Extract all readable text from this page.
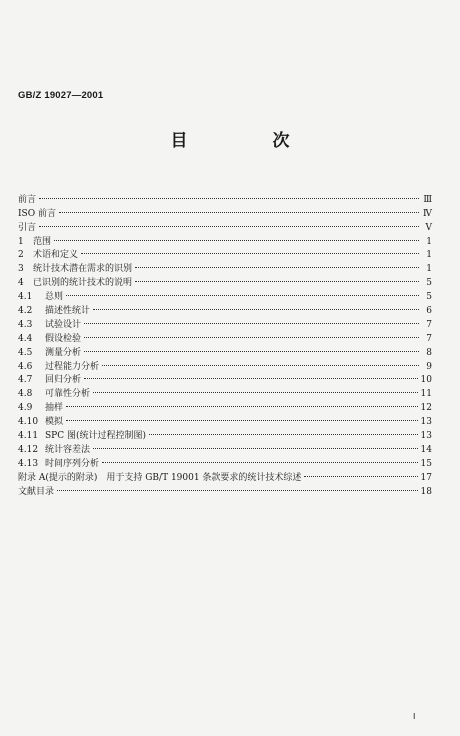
GB/Z 19027—2001
目　次
前言	Ⅲ
ISO 前言	Ⅳ
引言	Ⅴ
1	范围	1
2	术语和定义	1
3	统计技术潜在需求的识别	1
4	已识别的统计技术的说明	5
4.1	总则	5
4.2	描述性统计	6
4.3	试验设计	7
4.4	假设检验	7
4.5	测量分析	8
4.6	过程能力分析	9
4.7	回归分析	10
4.8	可靠性分析	11
4.9	抽样	12
4.10 模拟	13
4.11 SPC 图(统计过程控制图)	13
4.12 统计容差法	14
4.13 时间序列分析	15
附录 A(提示的附录)　用于支持 GB/T 19001 条款要求的统计技术综述	17
文献目录	18
Ⅰ
